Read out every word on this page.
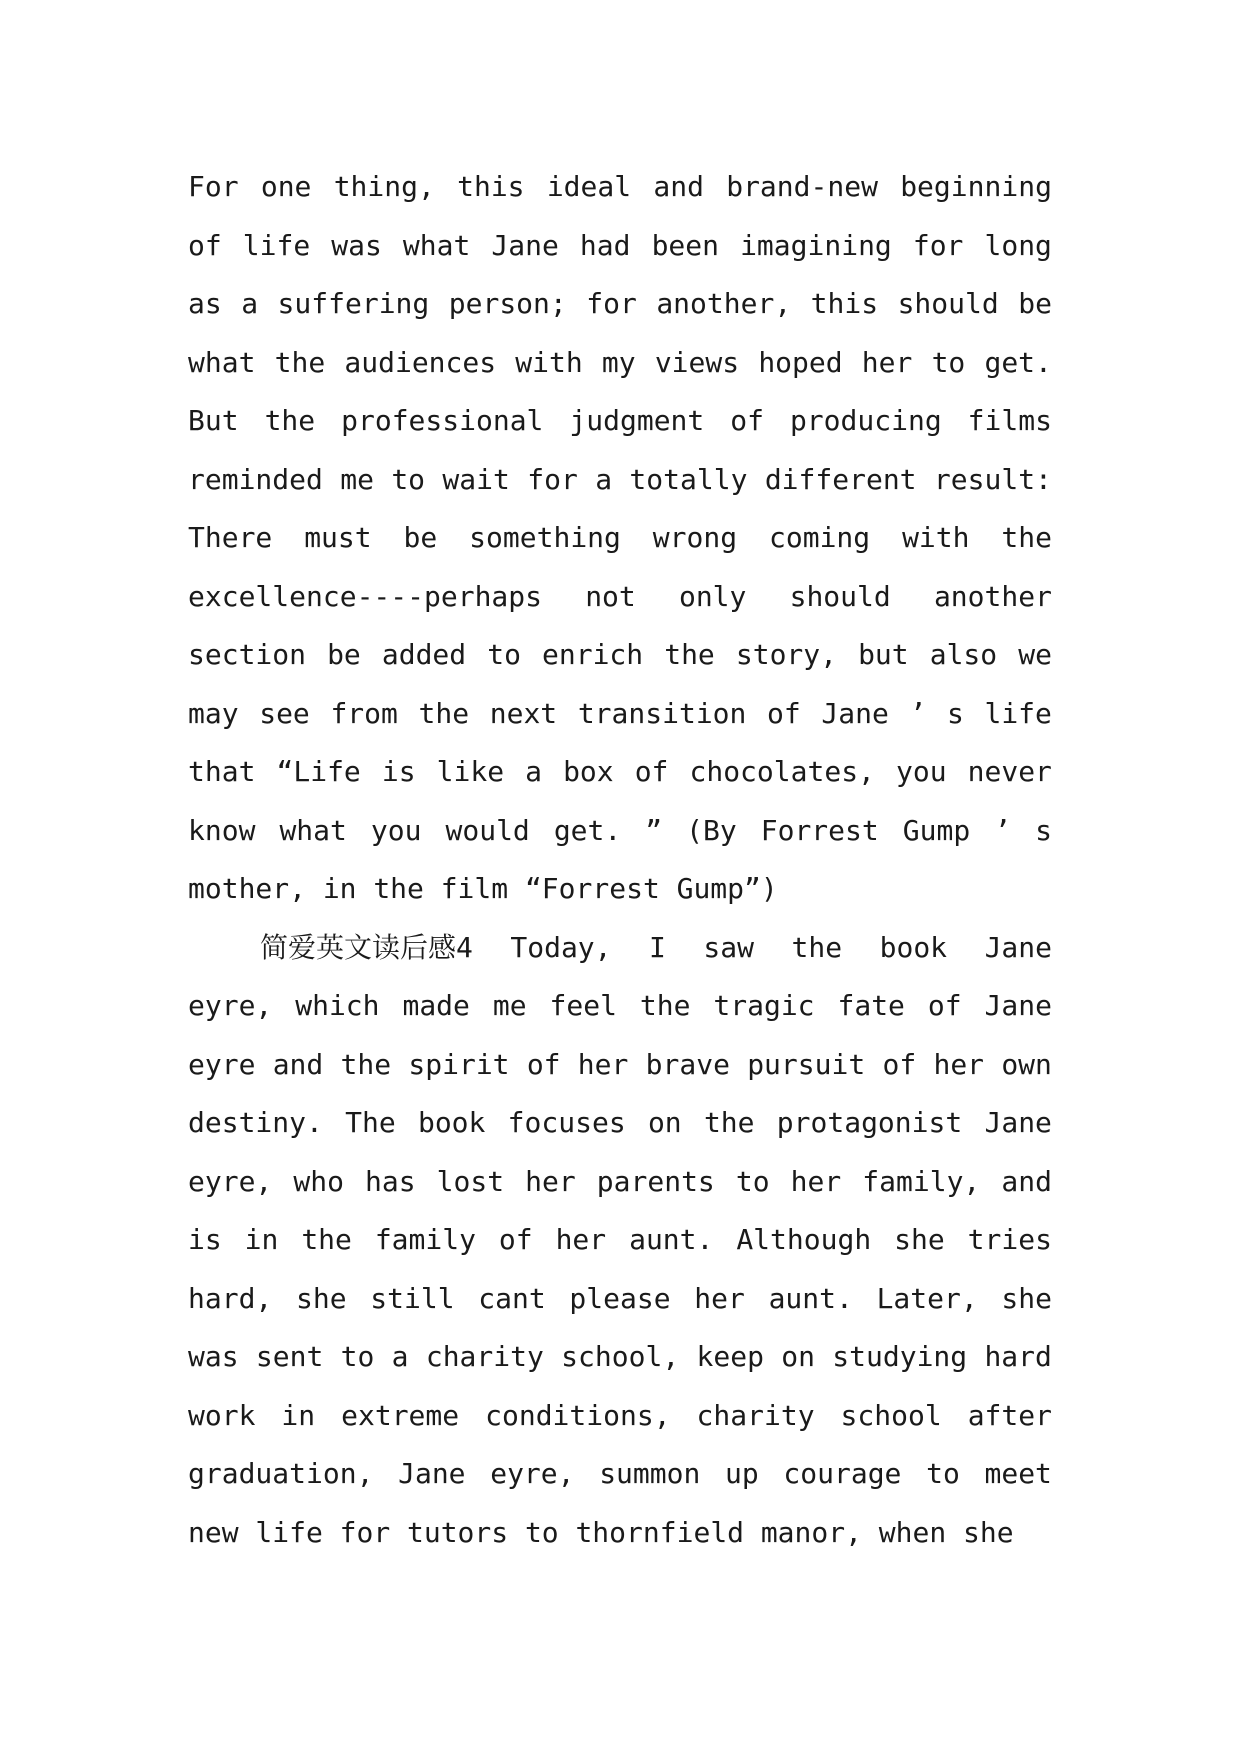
For one thing, this ideal and brand-new beginning
of life was what Jane had been imagining for long
as a suffering person; for another, this should be
what the audiences with my views hoped her to get.
But the professional judgment of producing films
reminded me to wait for a totally different result:
There must be something wrong coming with the
excellence----perhaps not only should another
section be added to enrich the story, but also we
may see from the next transition of Jane ’ s life
that “Life is like a box of chocolates, you never
know what you would get. ” (By Forrest Gump ’ s
mother, in the film “Forrest Gump”)
简爱英文读后感4 Today, I saw the book Jane
eyre, which made me feel the tragic fate of Jane
eyre and the spirit of her brave pursuit of her own
destiny. The book focuses on the protagonist Jane
eyre, who has lost her parents to her family, and
is in the family of her aunt. Although she tries
hard, she still cant please her aunt. Later, she
was sent to a charity school, keep on studying hard
work in extreme conditions, charity school after
graduation, Jane eyre, summon up courage to meet
new life for tutors to thornfield manor, when she
